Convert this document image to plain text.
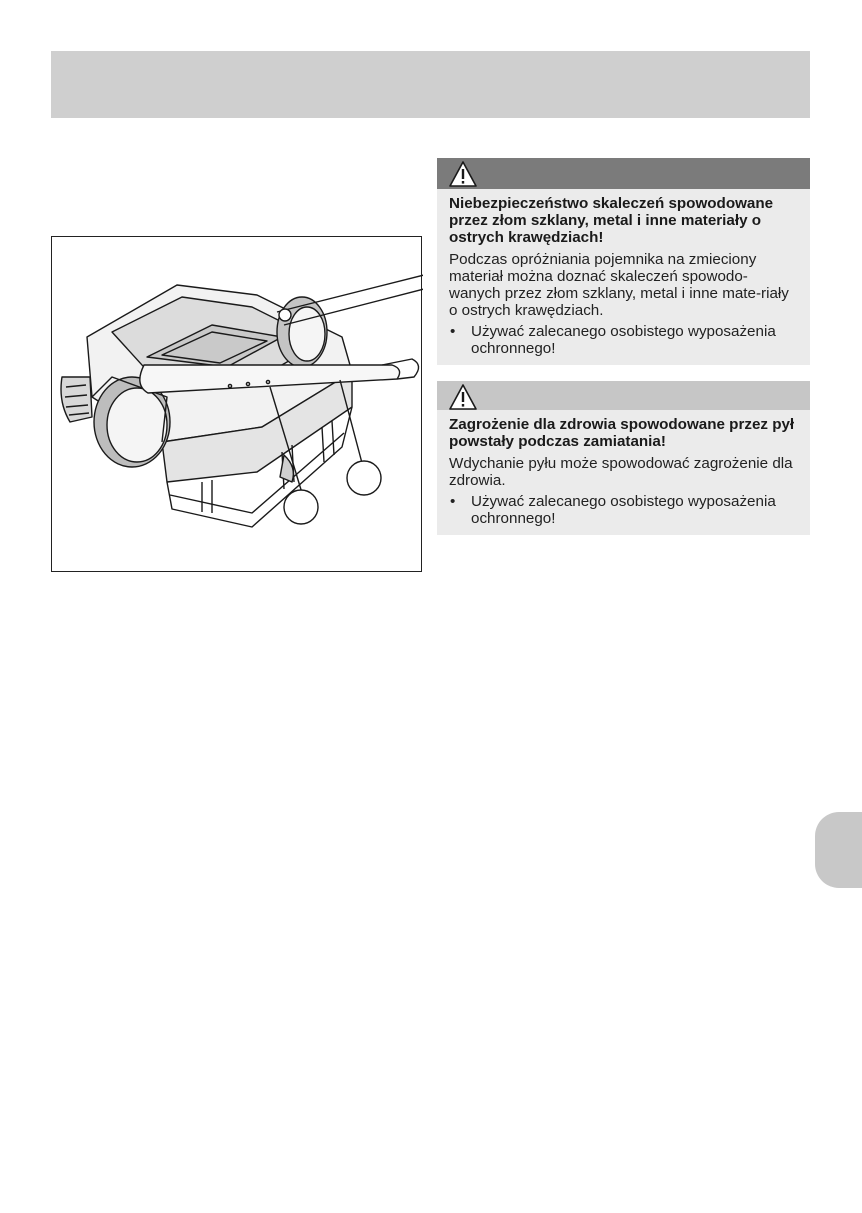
Niebezpieczeństwo skaleczeń spowodowane przez złom szklany, metal i inne materiały o ostrych krawędziach!

Podczas opróżniania pojemnika na zmieciony materiał można doznać skaleczeń spowodo-wanych przez złom szklany, metal i inne mate-riały o ostrych krawędziach.

• Używać zalecanego osobistego wyposażenia ochronnego!

Zagrożenie dla zdrowia spowodowane przez pył powstały podczas zamiatania!

Wdychanie pyłu może spowodować zagrożenie dla zdrowia.

• Używać zalecanego osobistego wyposażenia ochronnego!
